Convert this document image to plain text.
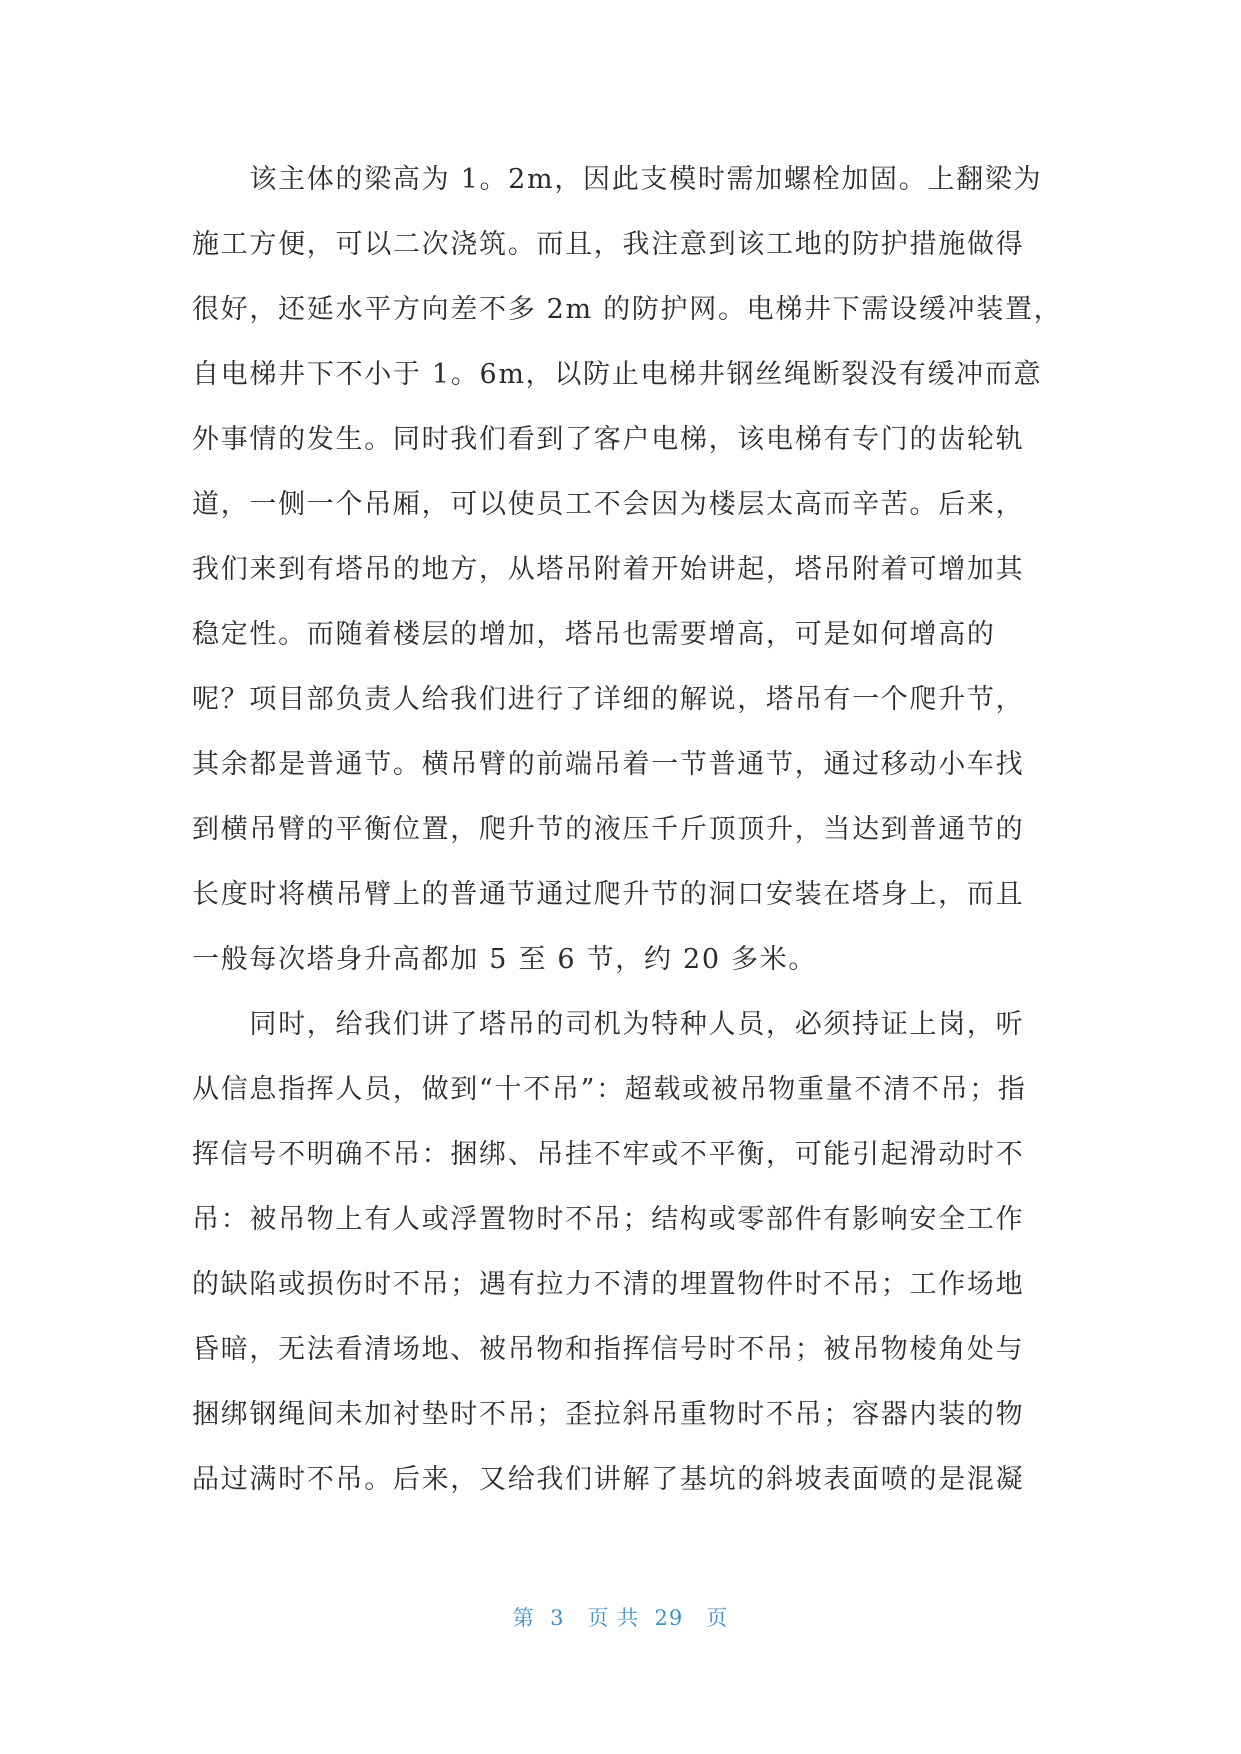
　　该主体的梁高为 1。2m，因此支模时需加螺栓加固。上翻梁为
施工方便，可以二次浇筑。而且，我注意到该工地的防护措施做得
很好，还延水平方向差不多 2m 的防护网。电梯井下需设缓冲装置，
自电梯井下不小于 1。6m，以防止电梯井钢丝绳断裂没有缓冲而意
外事情的发生。同时我们看到了客户电梯，该电梯有专门的齿轮轨
道，一侧一个吊厢，可以使员工不会因为楼层太高而辛苦。后来，
我们来到有塔吊的地方，从塔吊附着开始讲起，塔吊附着可增加其
稳定性。而随着楼层的增加，塔吊也需要增高，可是如何增高的
呢？项目部负责人给我们进行了详细的解说，塔吊有一个爬升节，
其余都是普通节。横吊臂的前端吊着一节普通节，通过移动小车找
到横吊臂的平衡位置，爬升节的液压千斤顶顶升，当达到普通节的
长度时将横吊臂上的普通节通过爬升节的洞口安装在塔身上，而且
一般每次塔身升高都加 5 至 6 节，约 20 多米。
　　同时，给我们讲了塔吊的司机为特种人员，必须持证上岗，听
从信息指挥人员，做到“十不吊”：超载或被吊物重量不清不吊；指
挥信号不明确不吊：捆绑、吊挂不牢或不平衡，可能引起滑动时不
吊：被吊物上有人或浮置物时不吊；结构或零部件有影响安全工作
的缺陷或损伤时不吊；遇有拉力不清的埋置物件时不吊；工作场地
昏暗，无法看清场地、被吊物和指挥信号时不吊；被吊物棱角处与
捆绑钢绳间未加衬垫时不吊；歪拉斜吊重物时不吊；容器内装的物
品过满时不吊。后来，又给我们讲解了基坑的斜坡表面喷的是混凝
第  3   页 共  29   页
